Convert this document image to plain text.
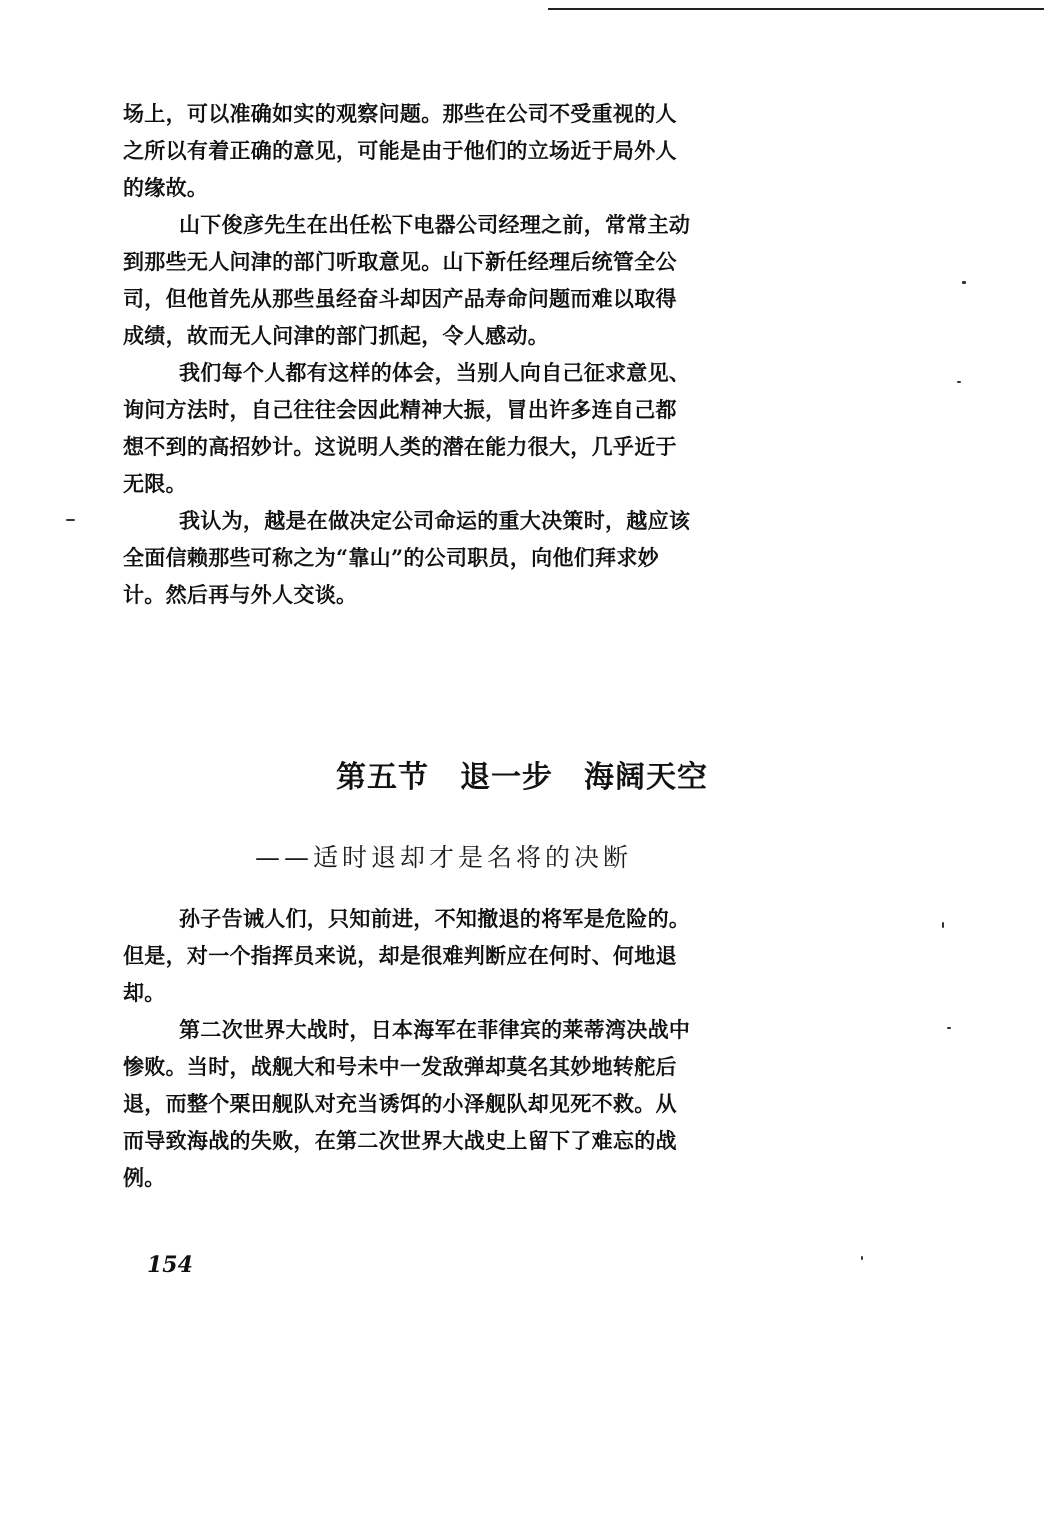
场上，可以准确如实的观察问题。那些在公司不受重视的人
之所以有着正确的意见，可能是由于他们的立场近于局外人
的缘故。
山下俊彦先生在出任松下电器公司经理之前，常常主动
到那些无人问津的部门听取意见。山下新任经理后统管全公
司，但他首先从那些虽经奋斗却因产品寿命问题而难以取得
成绩，故而无人问津的部门抓起，令人感动。
我们每个人都有这样的体会，当别人向自己征求意见、
询问方法时，自己往往会因此精神大振，冒出许多连自己都
想不到的高招妙计。这说明人类的潜在能力很大，几乎近于
无限。
我认为，越是在做决定公司命运的重大决策时，越应该
全面信赖那些可称之为“靠山”的公司职员，向他们拜求妙
计。然后再与外人交谈。
第五节　退一步　海阔天空
——适时退却才是名将的决断
孙子告诫人们，只知前进，不知撤退的将军是危险的。
但是，对一个指挥员来说，却是很难判断应在何时、何地退
却。
第二次世界大战时，日本海军在菲律宾的莱蒂湾决战中
惨败。当时，战舰大和号未中一发敌弹却莫名其妙地转舵后
退，而整个栗田舰队对充当诱饵的小泽舰队却见死不救。从
而导致海战的失败，在第二次世界大战史上留下了难忘的战
例。
154
